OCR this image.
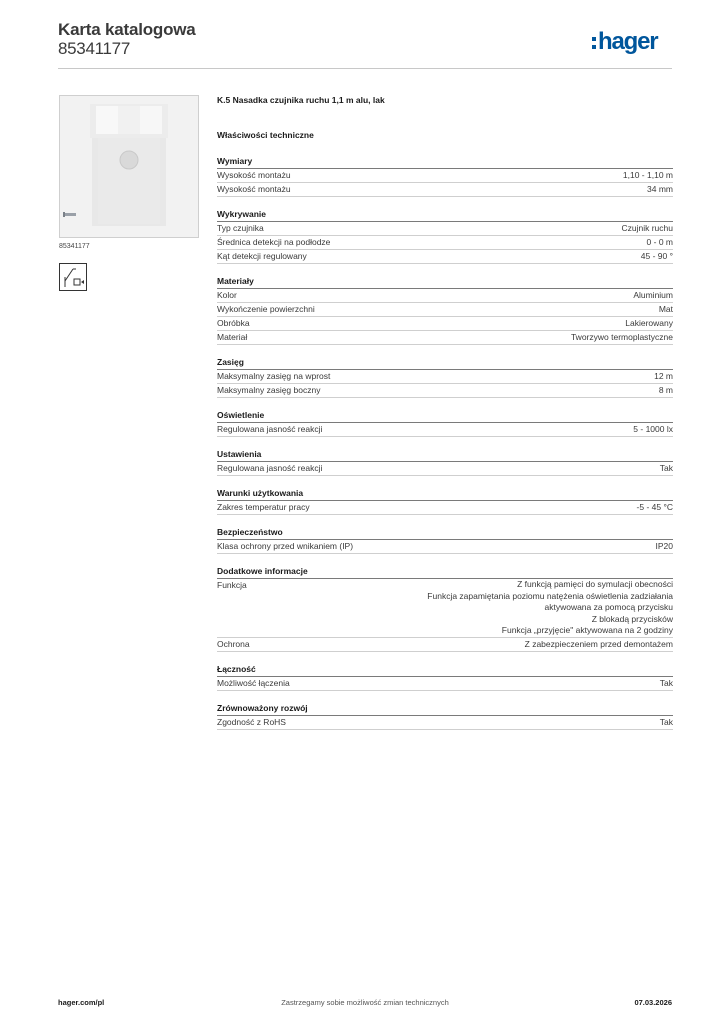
Karta katalogowa
85341177	hager
85341177
K.5 Nasadka czujnika ruchu 1,1 m alu, lak
Właściwości techniczne
Wymiary
Wysokość montażu	1,10 - 1,10 m
Wysokość montażu	34 mm
Wykrywanie
Typ czujnika	Czujnik ruchu
Średnica detekcji na podłodze	0 - 0 m
Kąt detekcji regulowany	45 - 90 °
Materiały
Kolor	Aluminium
Wykończenie powierzchni	Mat
Obróbka	Lakierowany
Materiał	Tworzywo termoplastyczne
Zasięg
Maksymalny zasięg na wprost	12 m
Maksymalny zasięg boczny	8 m
Oświetlenie
Regulowana jasność reakcji	5 - 1000 lx
Ustawienia
Regulowana jasność reakcji	Tak
Warunki użytkowania
Zakres temperatur pracy	-5 - 45 °C
Bezpieczeństwo
Klasa ochrony przed wnikaniem (IP)	IP20
Dodatkowe informacje
Funkcja	Z funkcją pamięci do symulacji obecności
Funkcja zapamiętania poziomu natężenia oświetlenia zadziałania
aktywowana za pomocą przycisku
Z blokadą przycisków
Funkcja „przyjęcie" aktywowana na 2 godziny
Ochrona	Z zabezpieczeniem przed demontażem
Łączność
Możliwość łączenia	Tak
Zrównoważony rozwój
Zgodność z RoHS	Tak
hager.com/pl	Zastrzegamy sobie możliwość zmian technicznych	07.03.2026
